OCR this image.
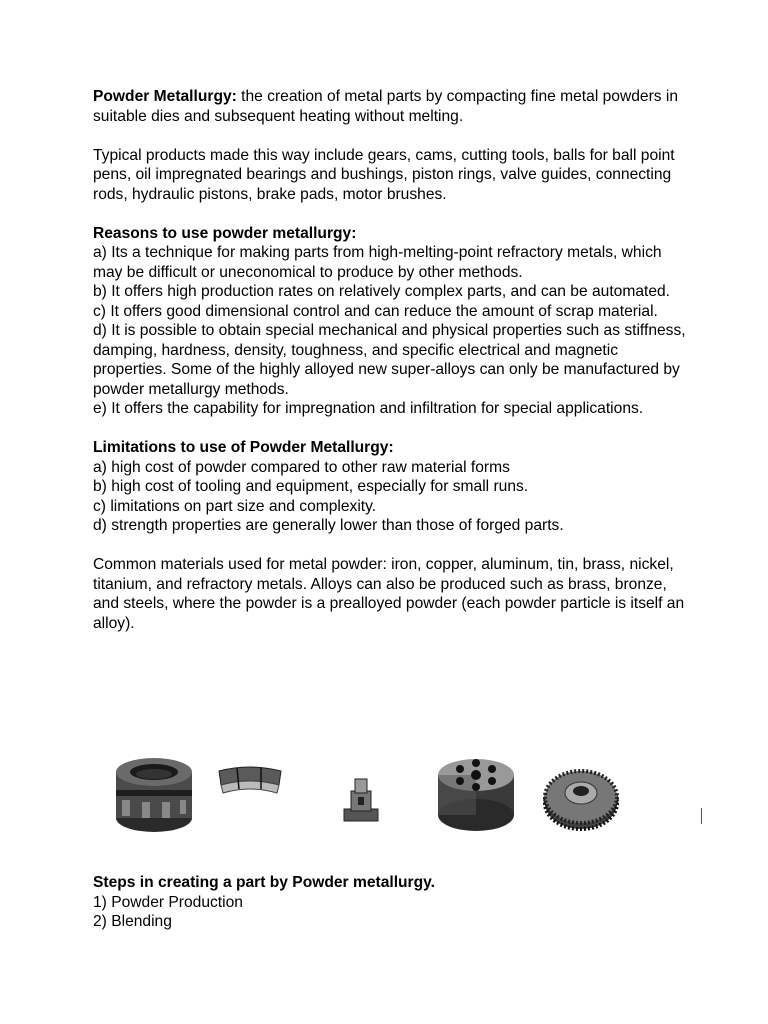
Powder Metallurgy: the creation of metal parts by compacting fine metal powders in suitable dies and subsequent heating without melting.

Typical products made this way include gears, cams, cutting tools, balls for ball point pens, oil impregnated bearings and bushings, piston rings, valve guides, connecting rods, hydraulic pistons, brake pads, motor brushes.

Reasons to use powder metallurgy:

a) Its a technique for making parts from high-melting-point refractory metals, which may be difficult or uneconomical to produce by other methods.

b) It offers high production rates on relatively complex parts, and can be automated.

c) It offers good dimensional control and can reduce the amount of scrap material.

d) It is possible to obtain special mechanical and physical properties such as stiffness, damping, hardness, density, toughness, and specific electrical and magnetic properties. Some of the highly alloyed new super-alloys can only be manufactured by powder metallurgy methods.

e) It offers the capability for impregnation and infiltration for special applications.

Limitations to use of Powder Metallurgy:

a) high cost of powder compared to other raw material forms

b) high cost of tooling and equipment, especially for small runs.

c) limitations on part size and complexity.

d) strength properties are generally lower than those of forged parts.

Common materials used for metal powder: iron, copper, aluminum, tin, brass, nickel, titanium, and refractory metals. Alloys can also be produced such as brass, bronze, and steels, where the powder is a prealloyed powder (each powder particle is itself an alloy).

Steps in creating a part by Powder metallurgy.

1) Powder Production

2) Blending
